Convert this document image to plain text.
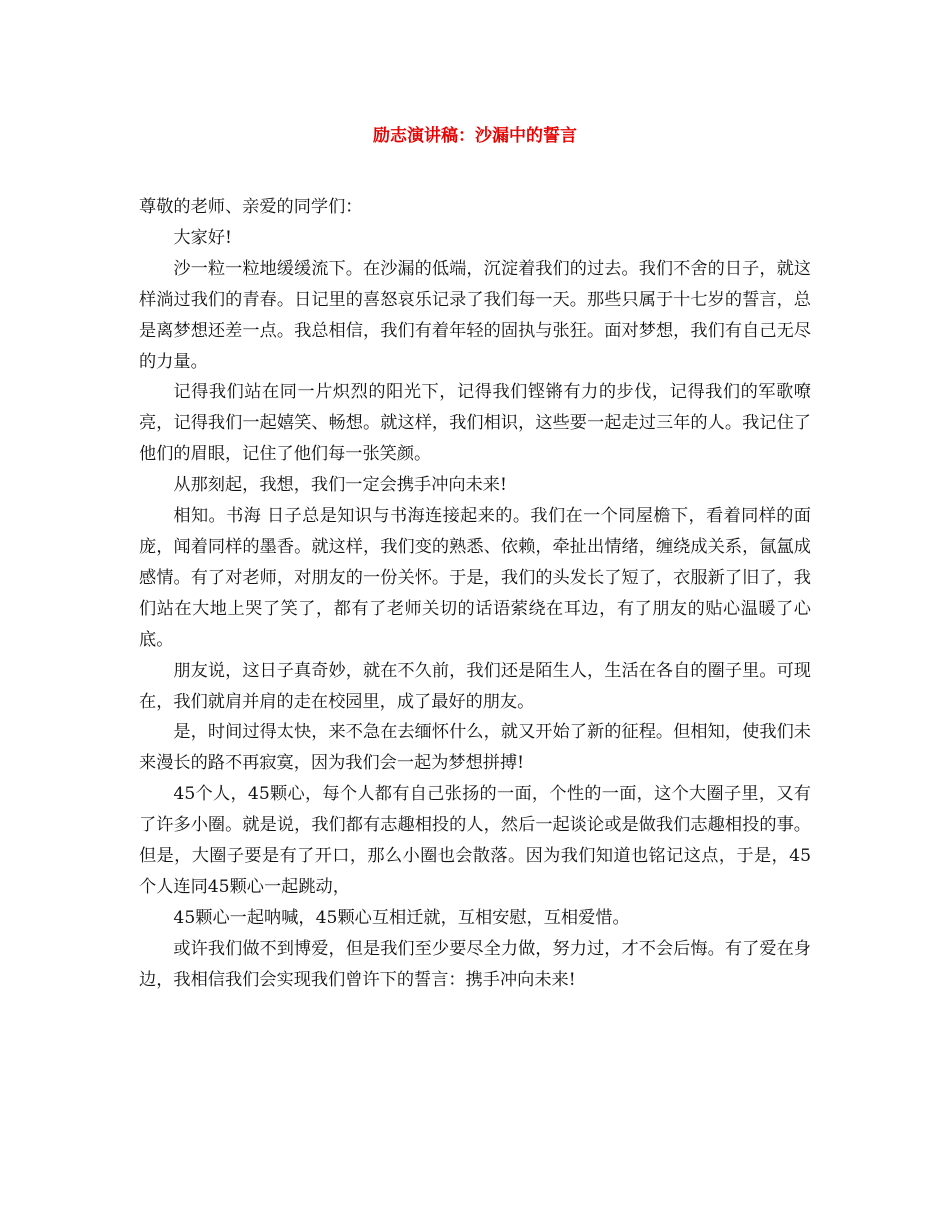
励志演讲稿：沙漏中的誓言

尊敬的老师、亲爱的同学们：

大家好!

沙一粒一粒地缓缓流下。在沙漏的低端，沉淀着我们的过去。我们不舍的日子，就这样淌过我们的青春。日记里的喜怒哀乐记录了我们每一天。那些只属于十七岁的誓言，总是离梦想还差一点。我总相信，我们有着年轻的固执与张狂。面对梦想，我们有自己无尽的力量。

记得我们站在同一片炽烈的阳光下，记得我们铿锵有力的步伐，记得我们的军歌嘹亮，记得我们一起嬉笑、畅想。就这样，我们相识，这些要一起走过三年的人。我记住了他们的眉眼，记住了他们每一张笑颜。

从那刻起，我想，我们一定会携手冲向未来!

相知。书海 日子总是知识与书海连接起来的。我们在一个同屋檐下，看着同样的面庞，闻着同样的墨香。就这样，我们变的熟悉、依赖，牵扯出情绪，缠绕成关系，氤氲成感情。有了对老师，对朋友的一份关怀。于是，我们的头发长了短了，衣服新了旧了，我们站在大地上哭了笑了，都有了老师关切的话语萦绕在耳边，有了朋友的贴心温暖了心底。

朋友说，这日子真奇妙，就在不久前，我们还是陌生人，生活在各自的圈子里。可现在，我们就肩并肩的走在校园里，成了最好的朋友。

是，时间过得太快，来不急在去缅怀什么，就又开始了新的征程。但相知，使我们未来漫长的路不再寂寞，因为我们会一起为梦想拼搏!

45个人，45颗心，每个人都有自己张扬的一面，个性的一面，这个大圈子里，又有了许多小圈。就是说，我们都有志趣相投的人，然后一起谈论或是做我们志趣相投的事。但是，大圈子要是有了开口，那么小圈也会散落。因为我们知道也铭记这点，于是，45个人连同45颗心一起跳动，

45颗心一起呐喊，45颗心互相迁就，互相安慰，互相爱惜。

或许我们做不到博爱，但是我们至少要尽全力做，努力过，才不会后悔。有了爱在身边，我相信我们会实现我们曾许下的誓言：携手冲向未来!
